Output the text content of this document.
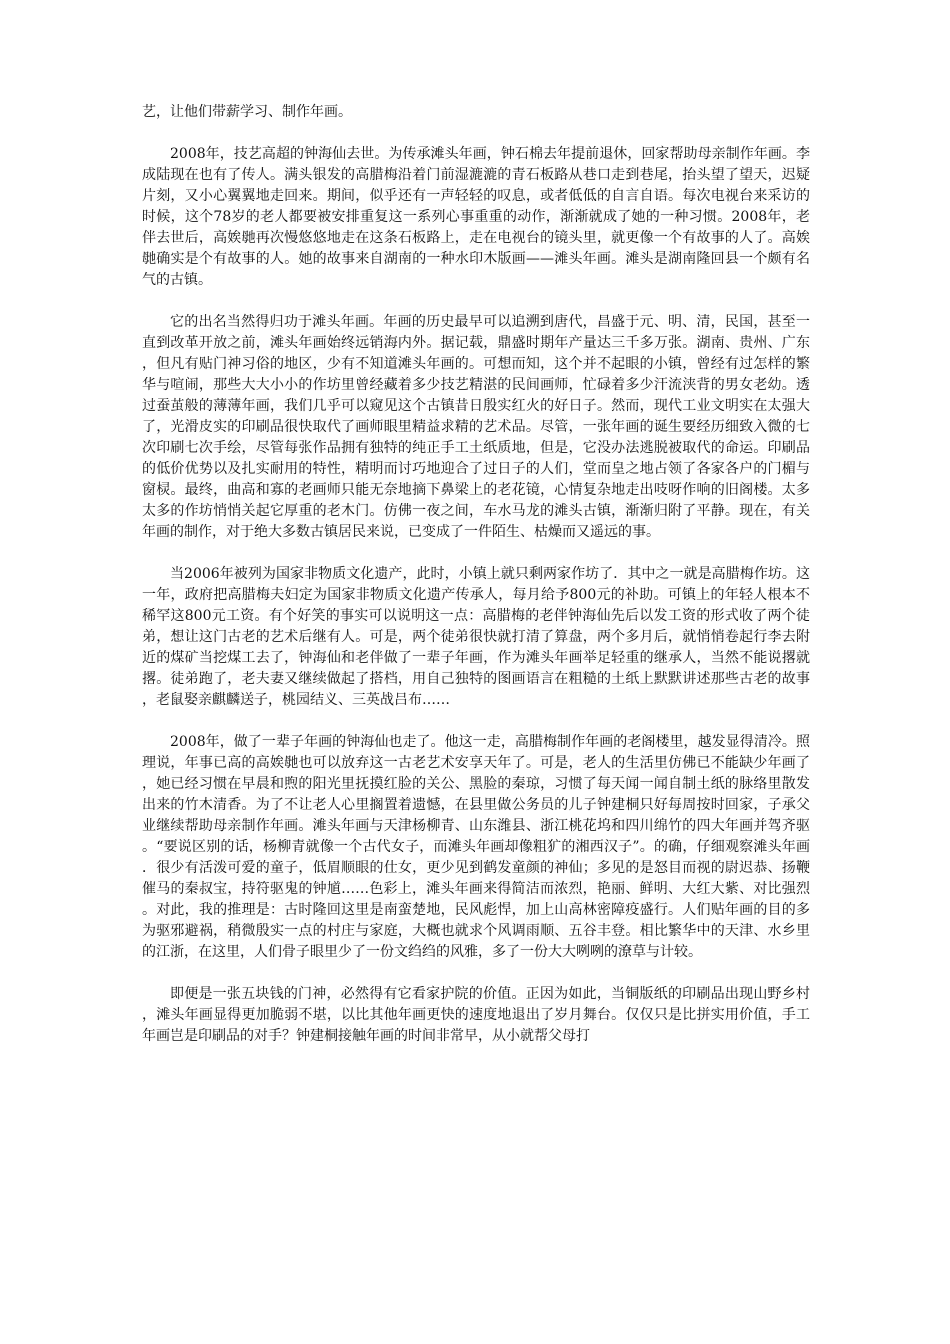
艺，让他们带薪学习、制作年画。

2008年，技艺高超的钟海仙去世。为传承滩头年画，钟石棉去年提前退休，回家帮助母亲制作年画。李成陆现在也有了传人。满头银发的高腊梅沿着门前湿漉漉的青石板路从巷口走到巷尾，抬头望了望天，迟疑片刻，又小心翼翼地走回来。期间，似乎还有一声轻轻的叹息，或者低低的自言自语。每次电视台来采访的时候，这个78岁的老人都要被安排重复这一系列心事重重的动作，渐渐就成了她的一种习惯。2008年，老伴去世后，高娭毑再次慢悠悠地走在这条石板路上，走在电视台的镜头里，就更像一个有故事的人了。高娭毑确实是个有故事的人。她的故事来自湖南的一种水印木版画——滩头年画。滩头是湖南隆回县一个颇有名气的古镇。

它的出名当然得归功于滩头年画。年画的历史最早可以追溯到唐代，昌盛于元、明、清，民国，甚至一直到改革开放之前，滩头年画始终远销海内外。据记载，鼎盛时期年产量达三千多万张。湖南、贵州、广东，但凡有贴门神习俗的地区，少有不知道滩头年画的。可想而知，这个并不起眼的小镇，曾经有过怎样的繁华与喧闹，那些大大小小的作坊里曾经藏着多少技艺精湛的民间画师，忙碌着多少汗流浃背的男女老幼。透过蚕茧般的薄薄年画，我们几乎可以窥见这个古镇昔日殷实红火的好日子。然而，现代工业文明实在太强大了，光滑皮实的印刷品很快取代了画师眼里精益求精的艺术品。尽管，一张年画的诞生要经历细致入微的七次印刷七次手绘，尽管每张作品拥有独特的纯正手工土纸质地，但是，它没办法逃脱被取代的命运。印刷品的低价优势以及扎实耐用的特性，精明而讨巧地迎合了过日子的人们，堂而皇之地占领了各家各户的门楣与窗棂。最终，曲高和寡的老画师只能无奈地摘下鼻梁上的老花镜，心情复杂地走出吱呀作响的旧阁楼。太多太多的作坊悄悄关起它厚重的老木门。仿佛一夜之间，车水马龙的滩头古镇，渐渐归附了平静。现在，有关年画的制作，对于绝大多数古镇居民来说，已变成了一件陌生、枯燥而又遥远的事。

当2006年被列为国家非物质文化遗产，此时，小镇上就只剩两家作坊了．其中之一就是高腊梅作坊。这一年，政府把高腊梅夫妇定为国家非物质文化遗产传承人，每月给予800元的补助。可镇上的年轻人根本不稀罕这800元工资。有个好笑的事实可以说明这一点：高腊梅的老伴钟海仙先后以发工资的形式收了两个徒弟，想让这门古老的艺术后继有人。可是，两个徒弟很快就打清了算盘，两个多月后，就悄悄卷起行李去附近的煤矿当挖煤工去了，钟海仙和老伴做了一辈子年画，作为滩头年画举足轻重的继承人，当然不能说撂就撂。徒弟跑了，老夫妻又继续做起了搭档，用自己独特的图画语言在粗糙的土纸上默默讲述那些古老的故事，老鼠娶亲麒麟送子，桃园结义、三英战吕布……

2008年，做了一辈子年画的钟海仙也走了。他这一走，高腊梅制作年画的老阁楼里，越发显得清冷。照理说，年事已高的高娭毑也可以放弃这一古老艺术安享天年了。可是，老人的生活里仿佛已不能缺少年画了，她已经习惯在早晨和煦的阳光里抚摸红脸的关公、黑脸的秦琼，习惯了每天闻一闻自制土纸的脉络里散发出来的竹木清香。为了不让老人心里搁置着遗憾，在县里做公务员的儿子钟建桐只好每周按时回家，子承父业继续帮助母亲制作年画。滩头年画与天津杨柳青、山东潍县、浙江桃花坞和四川绵竹的四大年画并驾齐驱。“要说区别的话，杨柳青就像一个古代女子，而滩头年画却像粗犷的湘西汉子”。的确，仔细观察滩头年画．很少有活泼可爱的童子，低眉顺眼的仕女，更少见到鹤发童颜的神仙；多见的是怒目而视的尉迟恭、扬鞭催马的秦叔宝，持符驱鬼的钟馗……色彩上，滩头年画来得简洁而浓烈，艳丽、鲜明、大红大紫、对比强烈。对此，我的推理是：古时隆回这里是南蛮楚地，民风彪悍，加上山高林密障疫盛行。人们贴年画的目的多为驱邪避祸，稍微殷实一点的村庄与家庭，大概也就求个风调雨顺、五谷丰登。相比繁华中的天津、水乡里的江浙，在这里，人们骨子眼里少了一份文绉绉的风雅，多了一份大大咧咧的潦草与计较。

即便是一张五块钱的门神，必然得有它看家护院的价值。正因为如此，当铜版纸的印刷品出现山野乡村，滩头年画显得更加脆弱不堪，以比其他年画更快的速度地退出了岁月舞台。仅仅只是比拼实用价值，手工年画岂是印刷品的对手？钟建桐接触年画的时间非常早，从小就帮父母打
